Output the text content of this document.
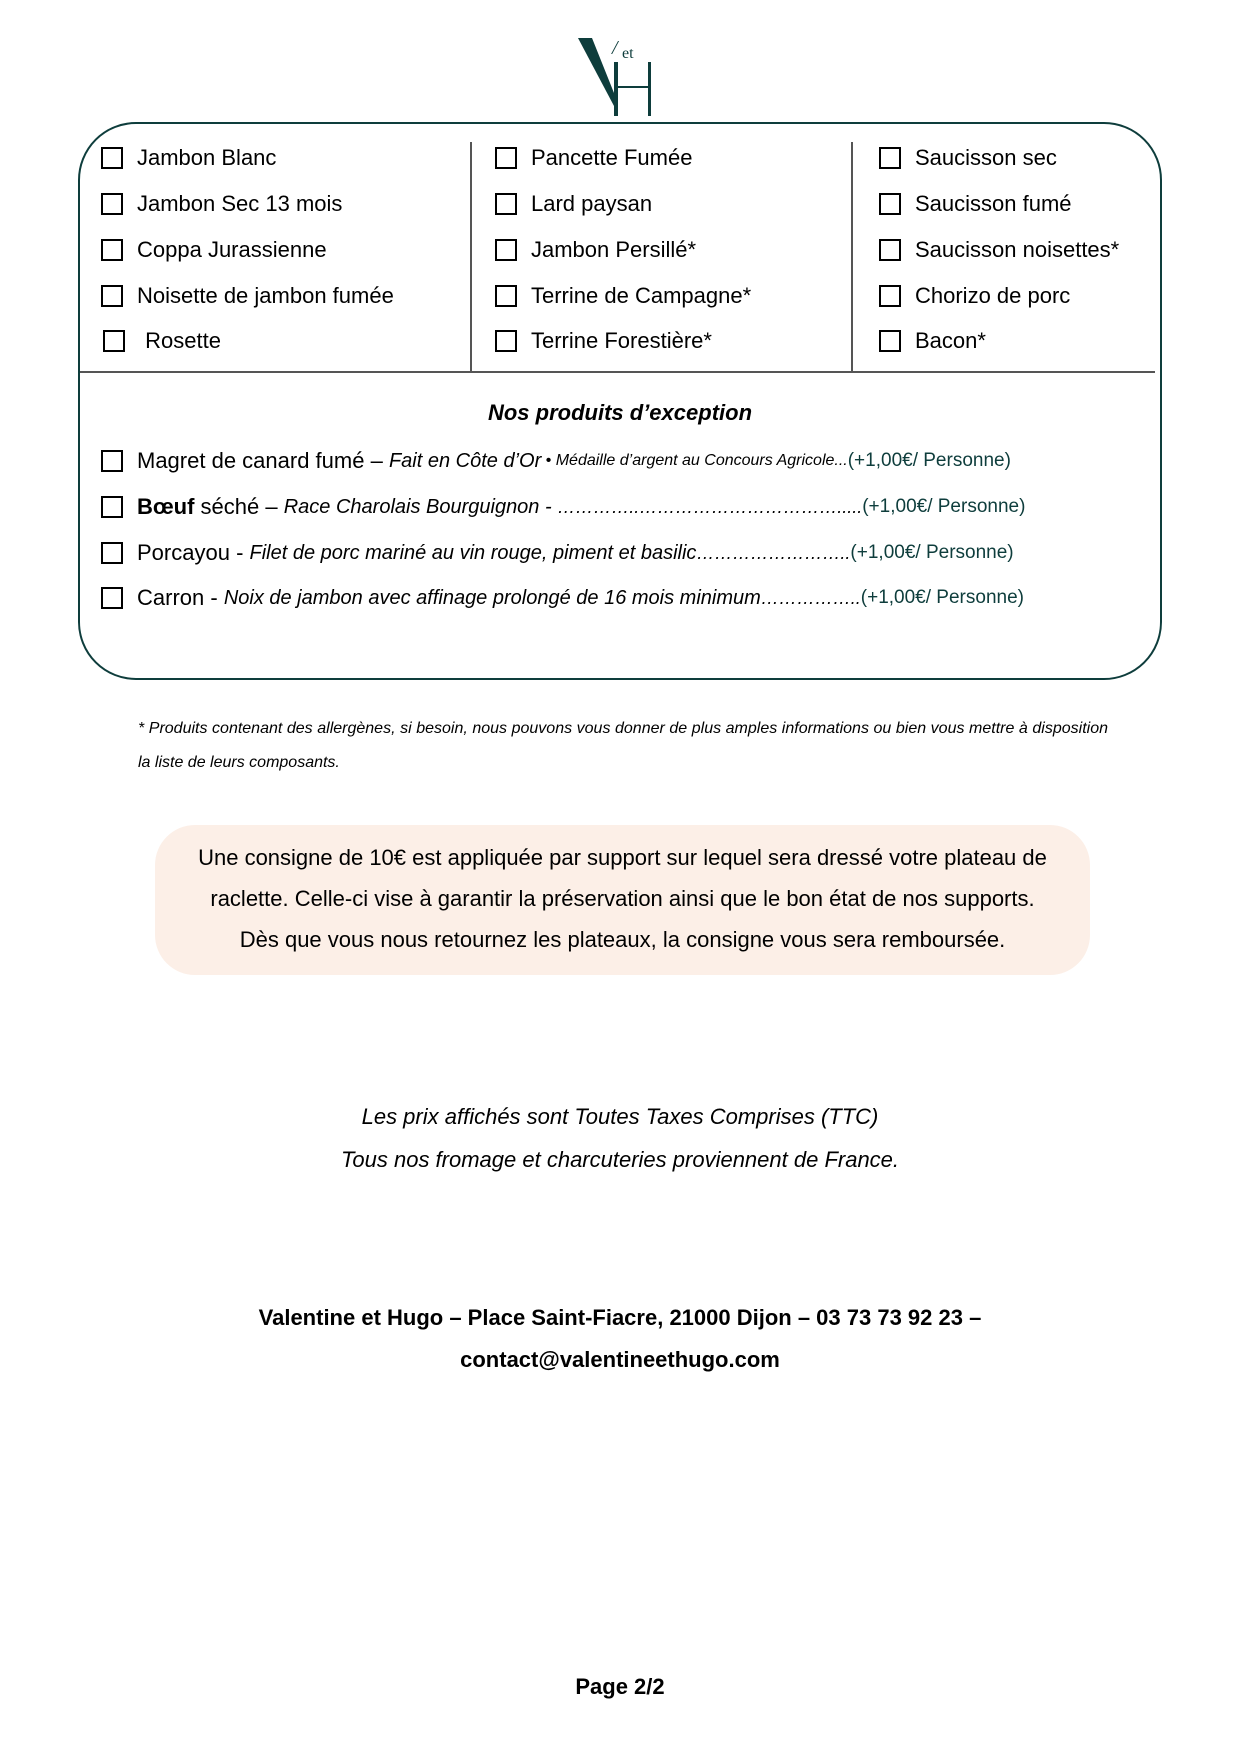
et
/
Jambon Blanc
Jambon Sec 13 mois
Coppa Jurassienne
Noisette de jambon fumée
Rosette
Pancette Fumée
Lard paysan
Jambon Persillé*
Terrine de Campagne*
Terrine Forestière*
Saucisson sec
Saucisson fumé
Saucisson noisettes*
Chorizo de porc
Bacon*
Nos produits d’exception
Magret de canard fumé – Fait en Côte d’Or • Médaille d’argent au Concours Agricole... (+1,00€/ Personne)
Bœuf séché – Race Charolais Bourguignon - …………..……………………………..... (+1,00€/ Personne)
Porcayou - Filet de porc mariné au vin rouge, piment et basilic …………………….. (+1,00€/ Personne)
Carron - Noix de jambon avec affinage prolongé de 16 mois minimum …………….. (+1,00€/ Personne)
* Produits contenant des allergènes, si besoin, nous pouvons vous donner de plus amples informations ou bien vous mettre à disposition la liste de leurs composants.
Une consigne de 10€ est appliquée par support sur lequel sera dressé votre plateau de
raclette. Celle-ci vise à garantir la préservation ainsi que le bon état de nos supports.
Dès que vous nous retournez les plateaux, la consigne vous sera remboursée.
Les prix affichés sont Toutes Taxes Comprises (TTC)
Tous nos fromage et charcuteries proviennent de France.
Valentine et Hugo – Place Saint-Fiacre, 21000 Dijon – 03 73 73 92 23 –
contact@valentineethugo.com
Page 2/2
